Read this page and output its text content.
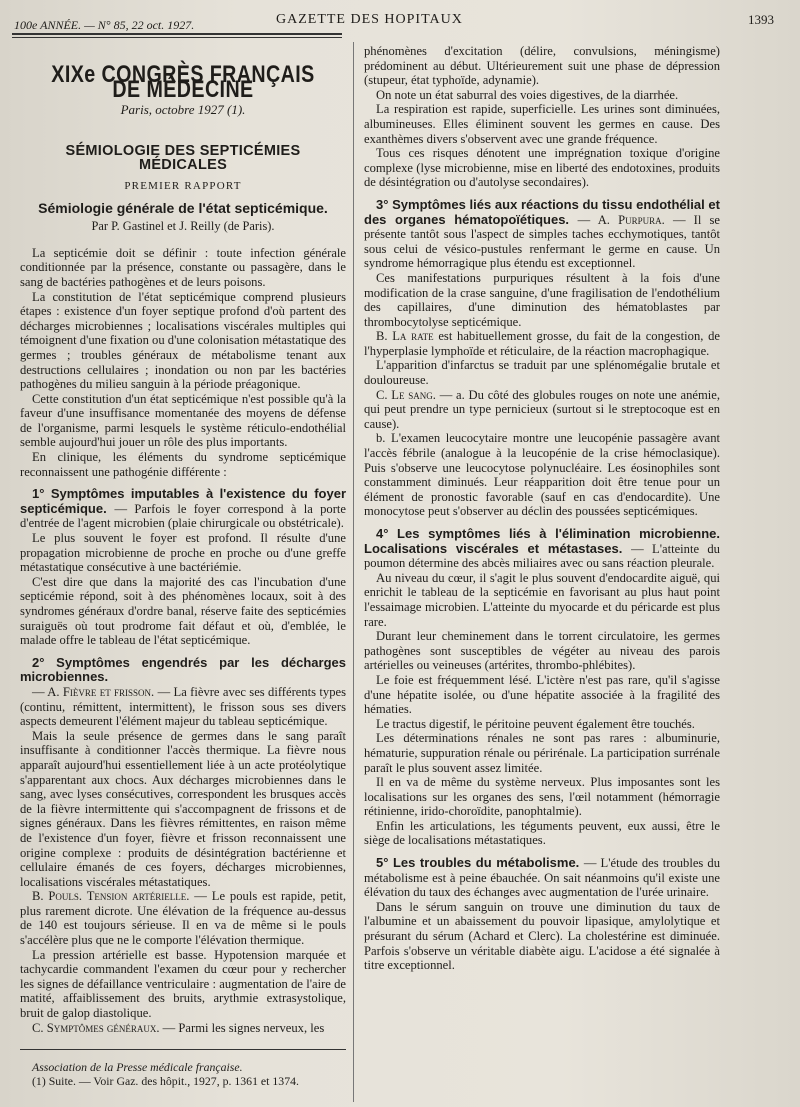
100e ANNÉE. — N° 85, 22 oct. 1927.	GAZETTE DES HOPITAUX	1393
XIXe CONGRÈS FRANÇAIS DE MÉDECINE
Paris, octobre 1927 (1).
SÉMIOLOGIE DES SEPTICÉMIES MÉDICALES
PREMIER RAPPORT
Sémiologie générale de l'état septicémique.
Par P. Gastinel et J. Reilly (de Paris).

La septicémie doit se définir : toute infection générale conditionnée par la présence, constante ou passagère, dans le sang de bactéries pathogènes et de leurs poisons.

La constitution de l'état septicémique comprend plusieurs étapes : existence d'un foyer septique profond d'où partent des décharges microbiennes ; localisations viscérales multiples qui témoignent d'une fixation ou d'une colonisation métastatique des germes ; troubles généraux de métabolisme tenant aux destructions cellulaires ; inondation ou non par les bactéries pathogènes du milieu sanguin à la période préagonique.

Cette constitution d'un état septicémique n'est possible qu'à la faveur d'une insuffisance momentanée des moyens de défense de l'organisme, parmi lesquels le système réticulo-endothélial semble aujourd'hui jouer un rôle des plus importants.

En clinique, les éléments du syndrome septicémique reconnaissent une pathogénie différente :

1° Symptômes imputables à l'existence du foyer septicémique. — Parfois le foyer correspond à la porte d'entrée de l'agent microbien (plaie chirurgicale ou obstétricale).

Le plus souvent le foyer est profond. Il résulte d'une propagation microbienne de proche en proche ou d'une greffe métastatique consécutive à une bactériémie.

C'est dire que dans la majorité des cas l'incubation d'une septicémie répond, soit à des phénomènes locaux, soit à des syndromes généraux d'ordre banal, réserve faite des septicémies suraiguës où tout prodrome fait défaut et où, d'emblée, le malade offre le tableau de l'état septicémique.

2° Symptômes engendrés par les décharges microbiennes.

— A. Fièvre et frisson. — La fièvre avec ses différents types (continu, rémittent, intermittent), le frisson sous ses divers aspects demeurent l'élément majeur du tableau septicémique.

Mais la seule présence de germes dans le sang paraît insuffisante à conditionner l'accès thermique. La fièvre nous apparaît aujourd'hui essentiellement liée à un acte protéolytique s'apparentant aux chocs. Aux décharges microbiennes dans le sang, avec lyses consécutives, correspondent les brusques accès de la fièvre intermittente qui s'accompagnent de frissons et de signes généraux. Dans les fièvres rémittentes, en raison même de l'existence d'un foyer, fièvre et frisson reconnaissent une origine complexe : produits de désintégration bactérienne et cellulaire émanés de ces foyers, décharges microbiennes, localisations viscérales métastatiques.

B. Pouls. Tension artérielle. — Le pouls est rapide, petit, plus rarement dicrote. Une élévation de la fréquence au-dessus de 140 est toujours sérieuse. Il en va de même si le pouls s'accélère plus que ne le comporte l'élévation thermique.

La pression artérielle est basse. Hypotension marquée et tachycardie commandent l'examen du cœur pour y rechercher les signes de défaillance ventriculaire : augmentation de l'aire de matité, affaiblissement des bruits, arythmie extrasystolique, bruit de galop diastolique.

C. Symptômes généraux. — Parmi les signes nerveux, les

Association de la Presse médicale française.
(1) Suite. — Voir Gaz. des hôpit., 1927, p. 1361 et 1374.

phénomènes d'excitation (délire, convulsions, méningisme) prédominent au début. Ultérieurement suit une phase de dépression (stupeur, état typhoïde, adynamie).

On note un état saburral des voies digestives, de la diarrhée.

La respiration est rapide, superficielle. Les urines sont diminuées, albumineuses. Elles éliminent souvent les germes en cause. Des exanthèmes divers s'observent avec une grande fréquence.

Tous ces risques dénotent une imprégnation toxique d'origine complexe (lyse microbienne, mise en liberté des endotoxines, produits de désintégration ou d'autolyse secondaires).

3° Symptômes liés aux réactions du tissu endothélial et des organes hématopoïétiques. — A. Purpura. — Il se présente tantôt sous l'aspect de simples taches ecchymotiques, tantôt sous celui de vésico-pustules renfermant le germe en cause. Un syndrome hémorragique plus étendu est exceptionnel.

Ces manifestations purpuriques résultent à la fois d'une modification de la crase sanguine, d'une fragilisation de l'endothélium des capillaires, d'une diminution des hématoblastes par thrombocytolyse septicémique.

B. La rate est habituellement grosse, du fait de la congestion, de l'hyperplasie lymphoïde et réticulaire, de la réaction macrophagique.

L'apparition d'infarctus se traduit par une splénomégalie brutale et douloureuse.

C. Le sang. — a. Du côté des globules rouges on note une anémie, qui peut prendre un type pernicieux (surtout si le streptocoque est en cause).

b. L'examen leucocytaire montre une leucopénie passagère avant l'accès fébrile (analogue à la leucopénie de la crise hémoclasique). Puis s'observe une leucocytose polynucléaire. Les éosinophiles sont constamment diminués. Leur réapparition doit être tenue pour un élément de pronostic favorable (sauf en cas d'endocardite). Une monocytose peut s'observer au déclin des poussées septicémiques.

4° Les symptômes liés à l'élimination microbienne. Localisations viscérales et métastases. — L'atteinte du poumon détermine des abcès miliaires avec ou sans réaction pleurale.

Au niveau du cœur, il s'agit le plus souvent d'endocardite aiguë, qui enrichit le tableau de la septicémie en favorisant au plus haut point l'essaimage microbien. L'atteinte du myocarde et du péricarde est plus rare.

Durant leur cheminement dans le torrent circulatoire, les germes pathogènes sont susceptibles de végéter au niveau des parois artérielles ou veineuses (artérites, thrombo-phlébites).

Le foie est fréquemment lésé. L'ictère n'est pas rare, qu'il s'agisse d'une hépatite isolée, ou d'une hépatite associée à la fragilité des hématies.

Le tractus digestif, le péritoine peuvent également être touchés.

Les déterminations rénales ne sont pas rares : albuminurie, hématurie, suppuration rénale ou périrénale. La participation surrénale paraît le plus souvent assez limitée.

Il en va de même du système nerveux. Plus imposantes sont les localisations sur les organes des sens, l'œil notamment (hémorragie rétinienne, irido-choroïdite, panophtalmie).

Enfin les articulations, les téguments peuvent, eux aussi, être le siège de localisations métastatiques.

5° Les troubles du métabolisme. — L'étude des troubles du métabolisme est à peine ébauchée. On sait néanmoins qu'il existe une élévation du taux des échanges avec augmentation de l'urée urinaire.

Dans le sérum sanguin on trouve une diminution du taux de l'albumine et un abaissement du pouvoir lipasique, amylolytique et présurant du sérum (Achard et Clerc). La cholestérine est diminuée. Parfois s'observe un véritable diabète aigu. L'acidose a été signalée à titre exceptionnel.
